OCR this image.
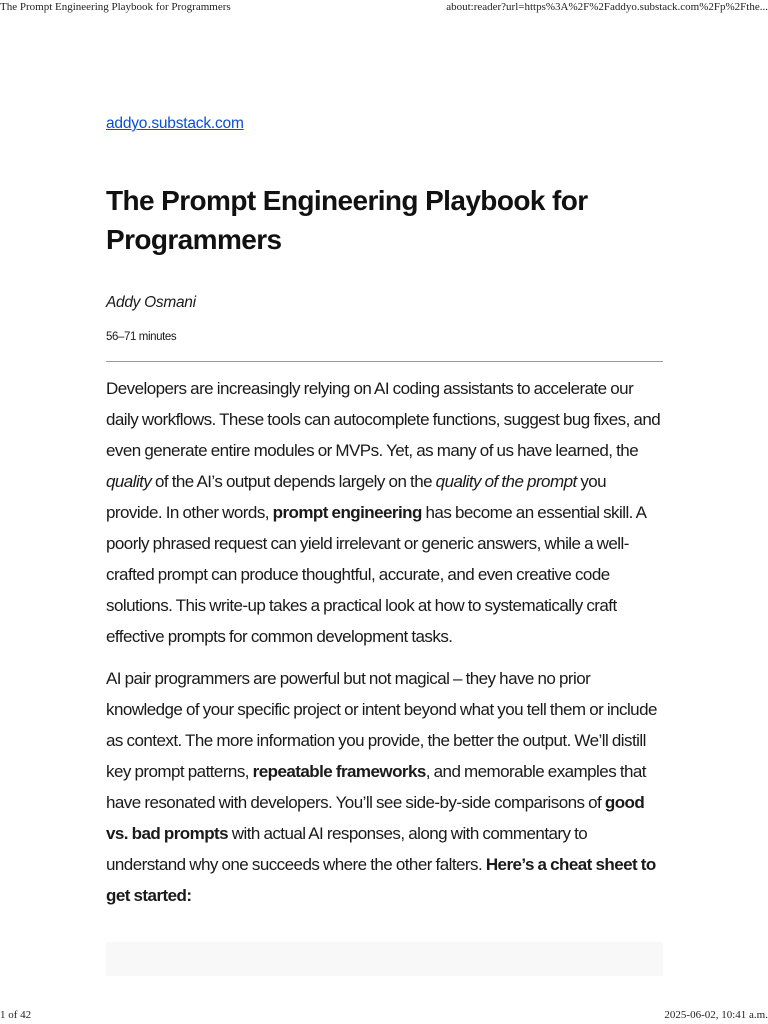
The Prompt Engineering Playbook for Programmers	about:reader?url=https%3A%2F%2Faddyo.substack.com%2Fp%2Fthe...
addyo.substack.com
The Prompt Engineering Playbook for Programmers
Addy Osmani
56–71 minutes

Developers are increasingly relying on AI coding assistants to accelerate our daily workflows. These tools can autocomplete functions, suggest bug fixes, and even generate entire modules or MVPs. Yet, as many of us have learned, the quality of the AI’s output depends largely on the quality of the prompt you provide. In other words, prompt engineering has become an essential skill. A poorly phrased request can yield irrelevant or generic answers, while a well-crafted prompt can produce thoughtful, accurate, and even creative code solutions. This write-up takes a practical look at how to systematically craft effective prompts for common development tasks.

AI pair programmers are powerful but not magical – they have no prior knowledge of your specific project or intent beyond what you tell them or include as context. The more information you provide, the better the output. We’ll distill key prompt patterns, repeatable frameworks, and memorable examples that have resonated with developers. You’ll see side-by-side comparisons of good vs. bad prompts with actual AI responses, along with commentary to understand why one succeeds where the other falters. Here’s a cheat sheet to get started:

1 of 42	2025-06-02, 10:41 a.m.
